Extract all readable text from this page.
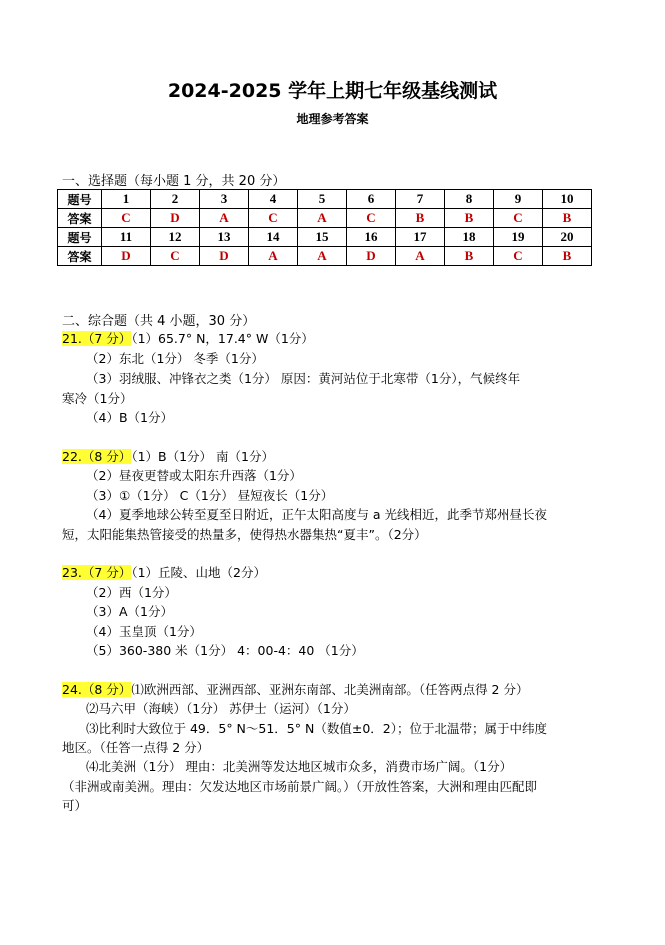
2024-2025 学年上期七年级基线测试
地理参考答案
一、选择题（每小题 1 分，共 20 分）
题号	1	2	3	4	5	6	7	8	9	10
答案	C	D	A	C	A	C	B	B	C	B
题号	11	12	13	14	15	16	17	18	19	20
答案	D	C	D	A	A	D	A	B	C	B
二、综合题（共 4 小题，30 分）
21.（7 分）（1）65.7° N，17.4° W（1分）
（2）东北（1分） 冬季（1分）
（3）羽绒服、冲锋衣之类（1分） 原因：黄河站位于北寒带（1分），气候终年
寒冷（1分）
（4）B（1分）
22.（8 分）（1）B（1分） 南（1分）
（2）昼夜更替或太阳东升西落（1分）
（3）①（1分） C（1分） 昼短夜长（1分）
（4）夏季地球公转至夏至日附近，正午太阳高度与 a 光线相近，此季节郑州昼长夜
短，太阳能集热管接受的热量多，使得热水器集热“夏丰”。（2分）
23.（7 分）（1）丘陵、山地（2分）
（2）西（1分）
（3）A（1分）
（4）玉皇顶（1分）
（5）360-380 米（1分） 4：00-4：40 （1分）
24.（8 分）⑴欧洲西部、亚洲西部、亚洲东南部、北美洲南部。（任答两点得 2 分）
⑵马六甲（海峡）（1分） 苏伊士（运河）（1分）
⑶比利时大致位于 49．5° N～51．5° N（数值±0．2）；位于北温带；属于中纬度
地区。（任答一点得 2 分）
⑷北美洲（1分） 理由：北美洲等发达地区城市众多，消费市场广阔。（1分）
（非洲或南美洲。理由：欠发达地区市场前景广阔。）（开放性答案，大洲和理由匹配即
可）
